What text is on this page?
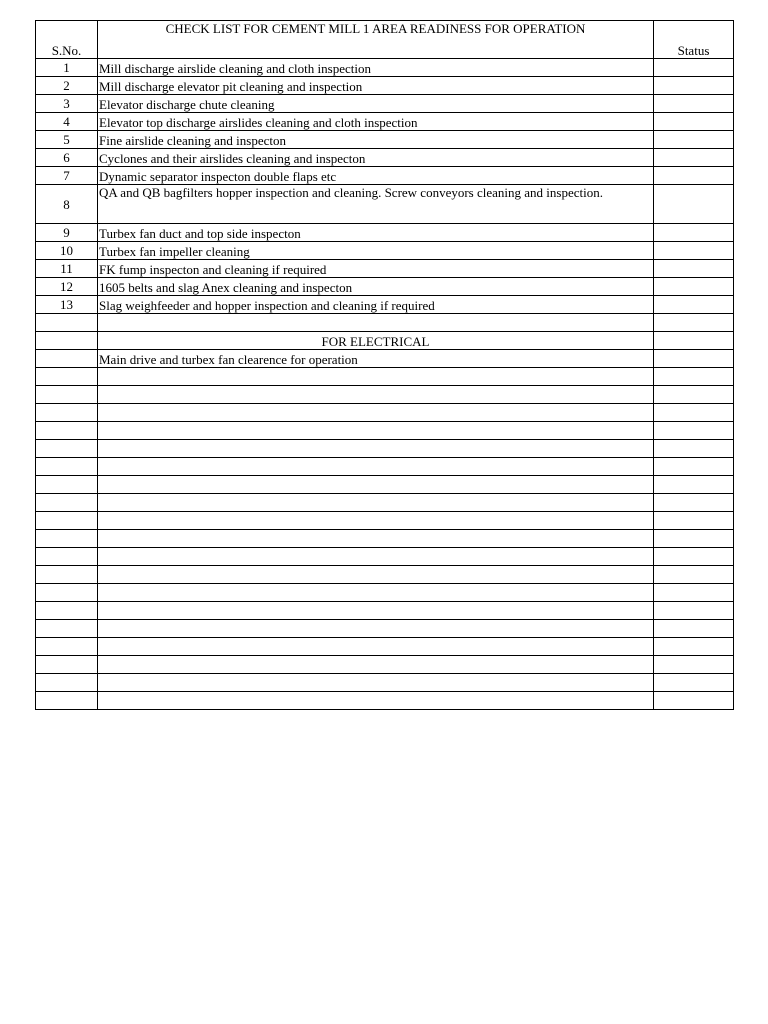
S.No.	CHECK LIST FOR CEMENT MILL 1 AREA READINESS FOR OPERATION	Status
1	Mill discharge airslide cleaning and cloth inspection	
2	Mill discharge elevator pit cleaning and inspection	
3	Elevator discharge chute cleaning	
4	Elevator top discharge airslides cleaning and cloth inspection	
5	Fine airslide cleaning and inspecton	
6	Cyclones and their airslides cleaning and inspecton	
7	Dynamic separator inspecton double flaps etc	
8	QA and QB bagfilters hopper inspection and cleaning. Screw conveyors cleaning and inspection.	
9	Turbex fan duct and top side inspecton	
10	Turbex fan impeller cleaning	
11	FK fump inspecton and cleaning if required	
12	1605 belts and slag Anex cleaning and inspecton	
13	Slag weighfeeder and hopper inspection and cleaning if required	

	FOR ELECTRICAL	
	Main drive and turbex fan clearence for operation	
